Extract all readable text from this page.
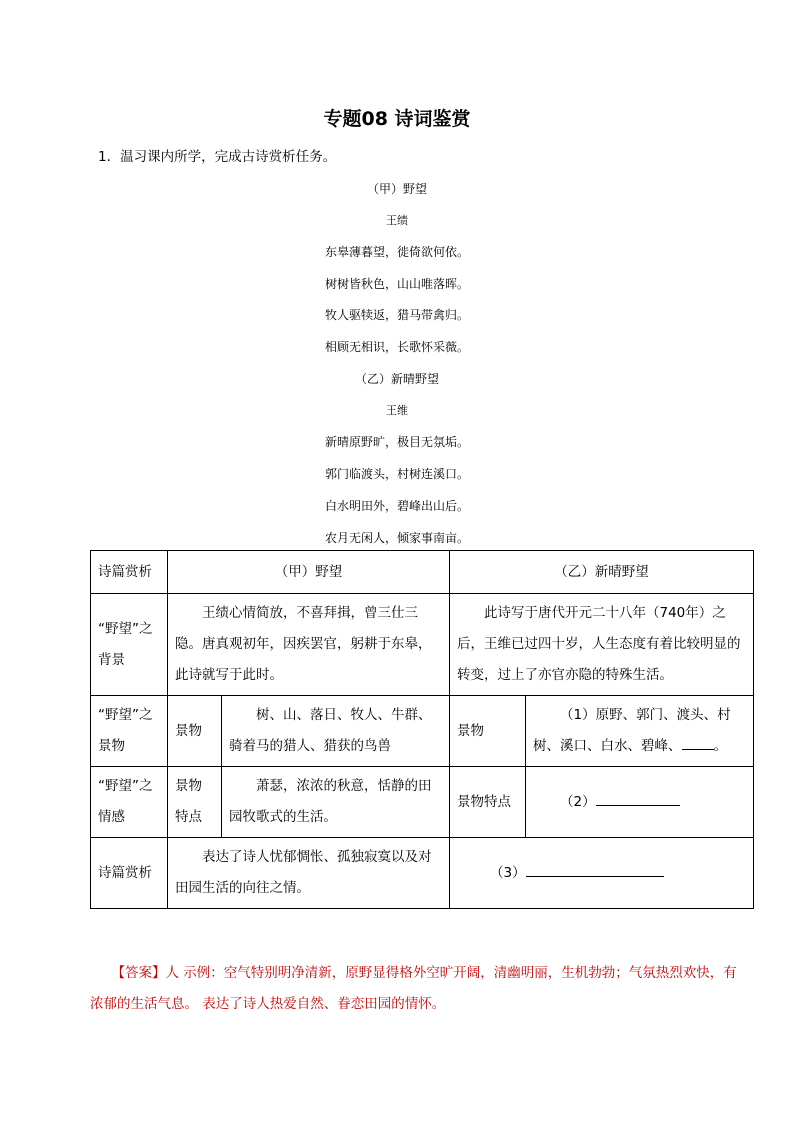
专题08 诗词鉴赏
1．温习课内所学，完成古诗赏析任务。
（甲）野望
王绩
东皋薄暮望，徙倚欲何依。
树树皆秋色，山山唯落晖。
牧人驱犊返，猎马带禽归。
相顾无相识，长歌怀采薇。
（乙）新晴野望
王维
新晴原野旷，极目无氛垢。
郭门临渡头，村树连溪口。
白水明田外，碧峰出山后。
农月无闲人，倾家事南亩。
诗篇赏析	（甲）野望		（乙）新晴野望	
“野望”之背景	王绩心情简放，不喜拜揖，曾三仕三隐。唐真观初年，因疾罢官，躬耕于东皋，此诗就写于此时。		此诗写于唐代开元二十八年（740年）之后，王维已过四十岁，人生态度有着比较明显的转变，过上了亦官亦隐的特殊生活。	
“野望”之景物	景物	树、山、落日、牧人、牛群、骑着马的猎人、猎获的鸟兽	景物	（1）原野、郭门、渡头、村树、溪口、白水、碧峰、 。
“野望”之情感	景物特点	萧瑟，浓浓的秋意，恬静的田园牧歌式的生活。	景物特点	（2）
诗篇赏析	表达了诗人忧郁惆怅、孤独寂寞以及对田园生活的向往之情。		（3）	
【答案】人 示例：空气特别明净清新，原野显得格外空旷开阔，清幽明丽，生机勃勃；气氛热烈欢快，有浓郁的生活气息。 表达了诗人热爱自然、眷恋田园的情怀。
